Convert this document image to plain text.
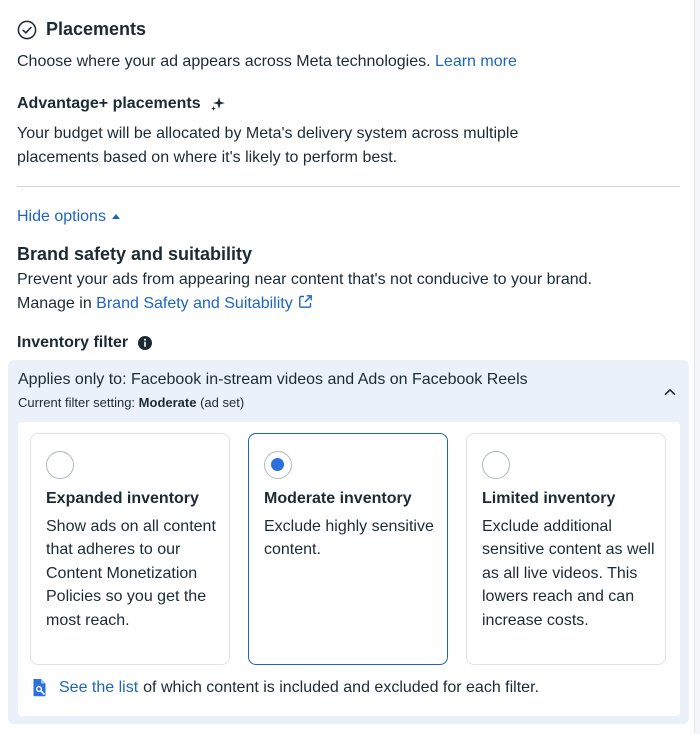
Placements
Choose where your ad appears across Meta technologies. Learn more
Advantage+ placements
Your budget will be allocated by Meta's delivery system across multiple placements based on where it's likely to perform best.
Hide options
Brand safety and suitability
Prevent your ads from appearing near content that's not conducive to your brand.
Manage in Brand Safety and Suitability
Inventory filter
Applies only to: Facebook in-stream videos and Ads on Facebook Reels
Current filter setting: Moderate (ad set)
Expanded inventory
Show ads on all content that adheres to our Content Monetization Policies so you get the most reach.
Moderate inventory
Exclude highly sensitive content.
Limited inventory
Exclude additional sensitive content as well as all live videos. This lowers reach and can increase costs.
See the list of which content is included and excluded for each filter.
